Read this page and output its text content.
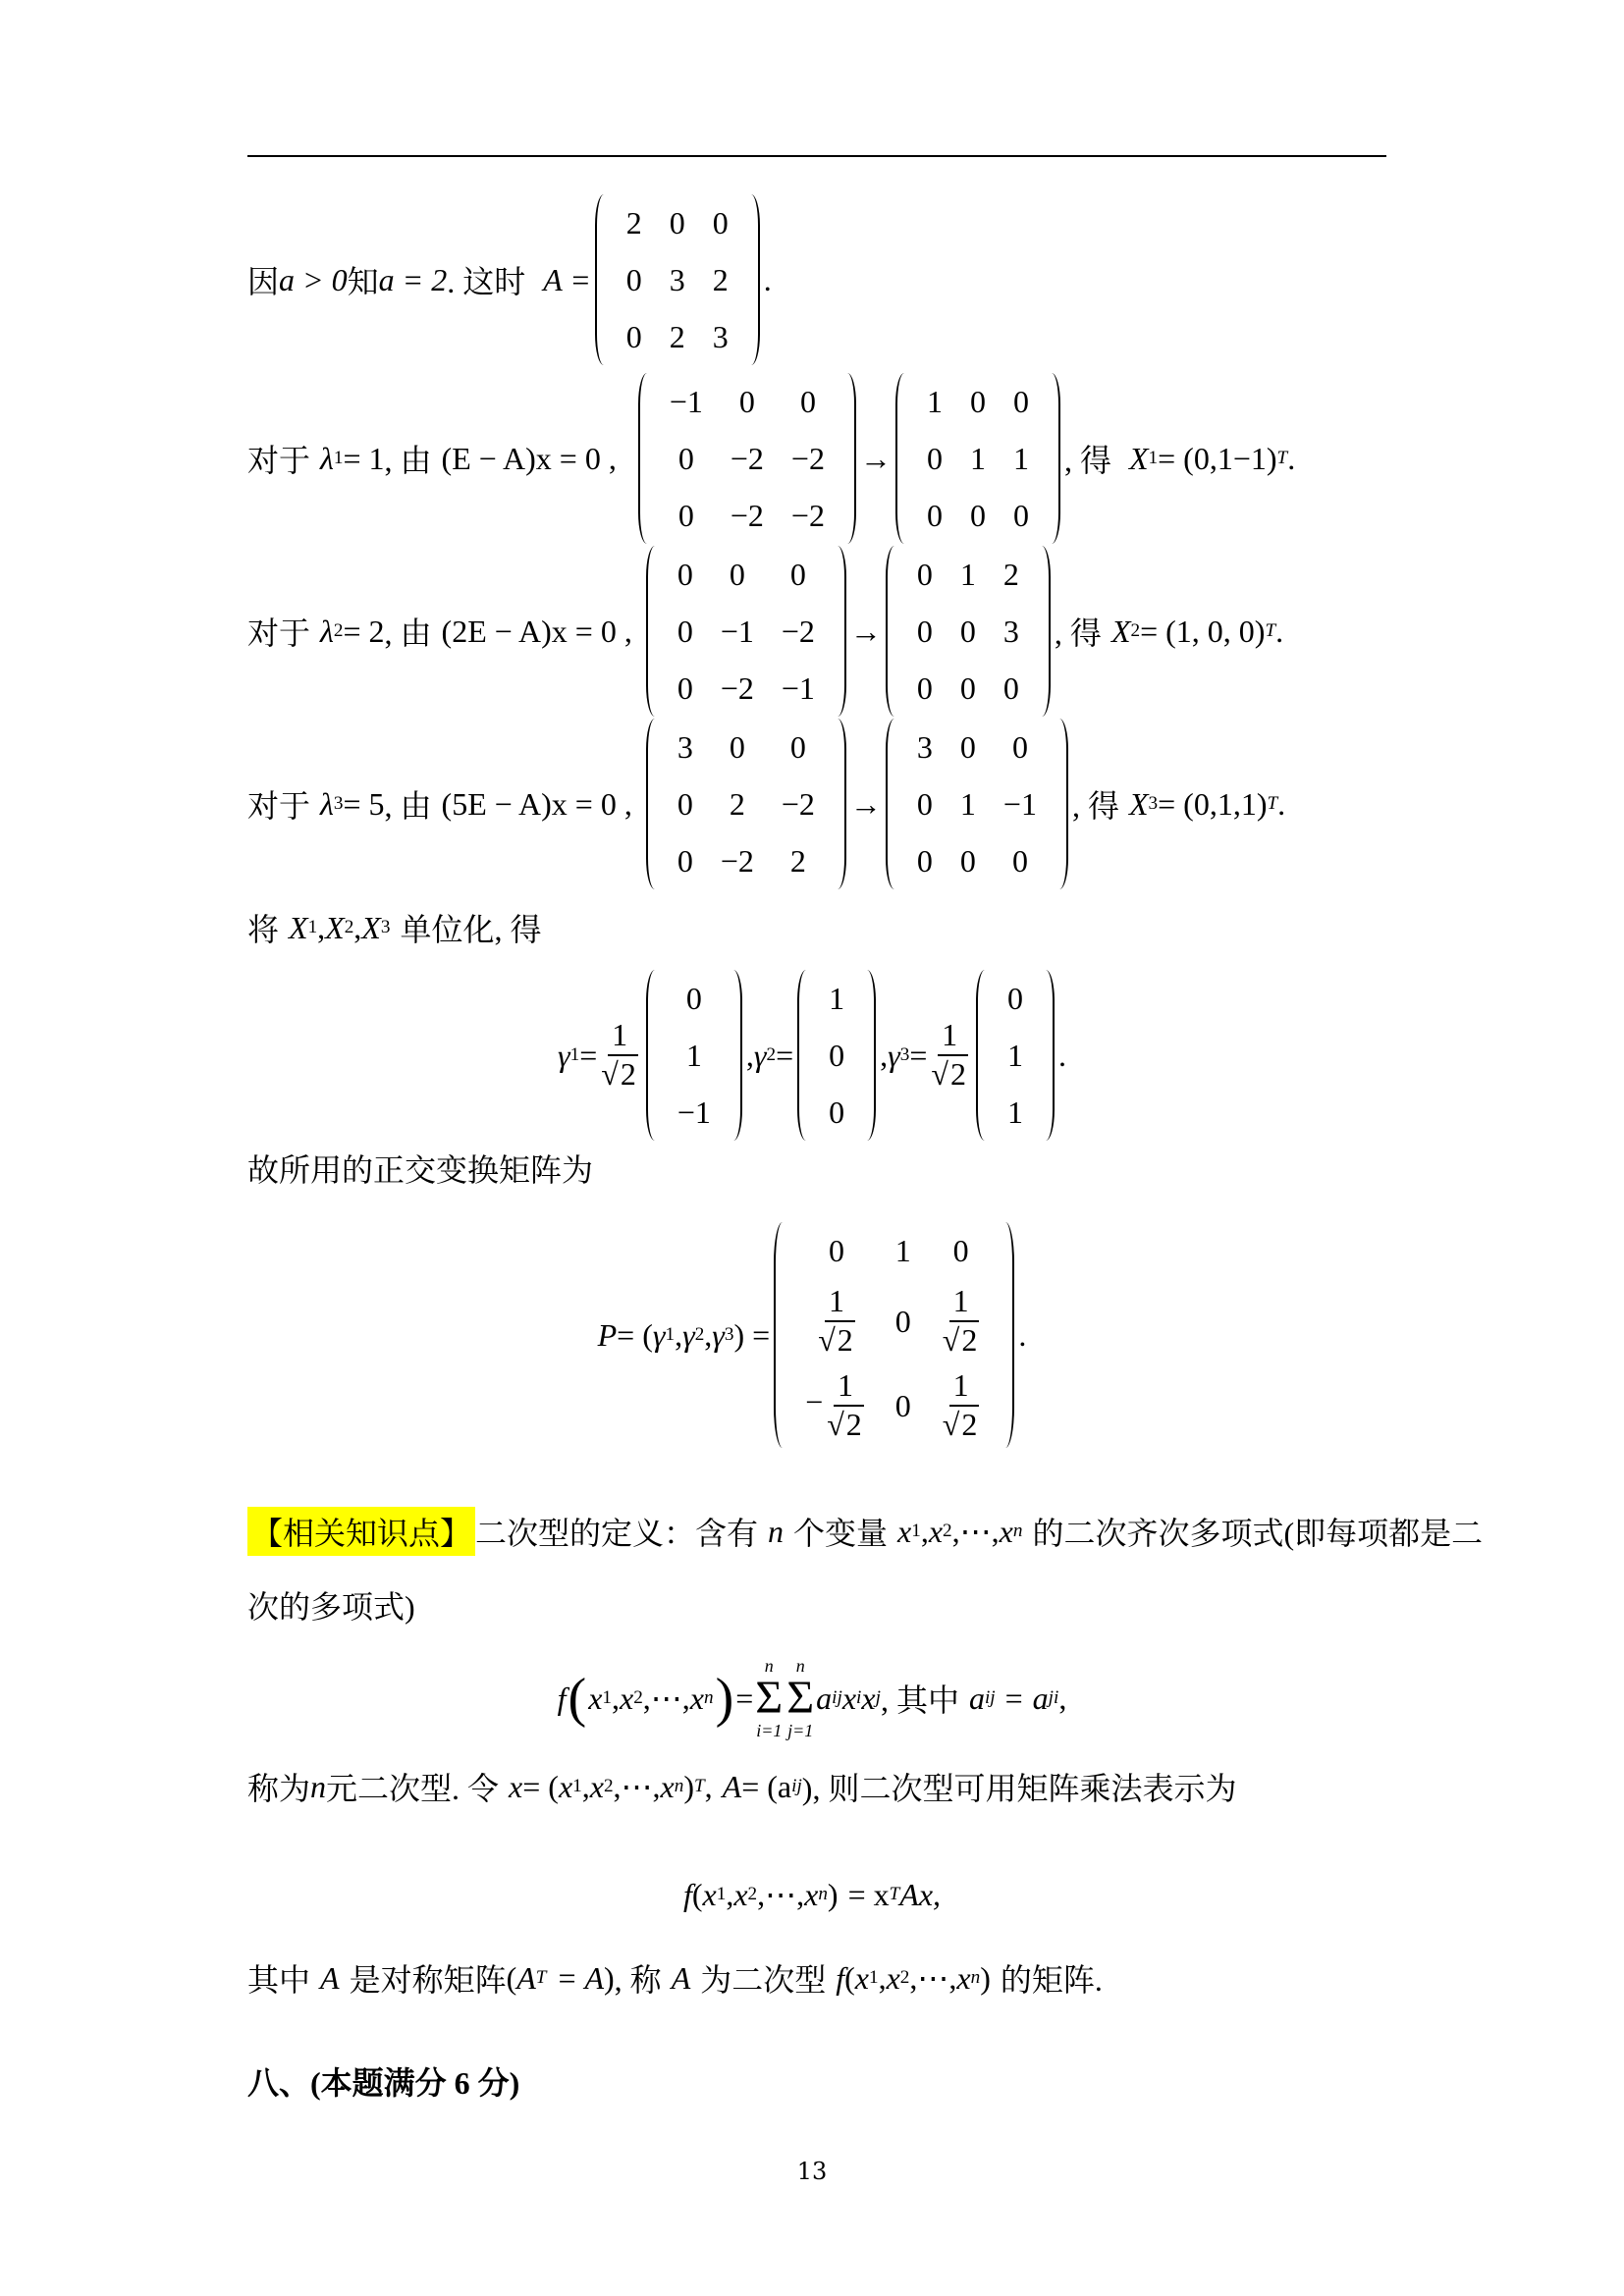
因 a > 0 知 a = 2 . 这时 A =
2	0	0
0	3	2
0	2	3
.
对于 λ 1 = 1 , 由 (E − A)x = 0 ,
−1	0	0
0	−2	−2
0	−2	−2
→
1	0	0
0	1	1
0	0	0
, 得 X 1 = (0,1−1) T .
对于 λ 2 = 2 , 由 (2E − A)x = 0 ,
0	0	0
0	−1	−2
0	−2	−1
→
0	1	2
0	0	3
0	0	0
, 得 X 2 = (1, 0, 0) T .
对于 λ 3 = 5 , 由 (5E − A)x = 0 ,
3	0	0
0	2	−2
0	−2	2
→
3	0	0
0	1	−1
0	0	0
, 得 X 3 = (0,1,1) T .
将 X 1 , X 2 , X 3 单位化, 得
γ $1 = \frac{1}{√2}$
0
1
−1
, γ 2 =
1
0
0
, γ $3 = \frac{1}{√2}$
0
1
1
.
故所用的正交变换矩阵为
P = ( γ 1 , γ 2 , γ 3 ) =
0	1	0

$\frac{1}{√2}$	0	$\frac{1}{√2}$

− $\frac{1}{√2}$	0	$\frac{1}{√2}$
.
【相关知识点】 二次型的定义：含有 n 个变量 x 1 , x 2 , ⋯ , x n 的二次齐次多项式(即每项都是二
次的多项式)
f ( x 1 , x 2 , ⋯ , x n ) =
n
Σ
i=1
n
Σ
j=1
a ij x i x j , 其中 a ij = a ji ,
称为 n 元二次型. 令 x = ( x 1 , x 2 , ⋯ , x n ) T , A = (a ij ), 则二次型可用矩阵乘法表示为
f ( x 1 , x 2 , ⋯ , x n ) = x T Ax,
其中 A 是对称矩阵 ( A T = A ) , 称 A 为二次型 f ( x 1 , x 2 , ⋯ , x n ) 的矩阵.
八、(本题满分 6 分)
13
